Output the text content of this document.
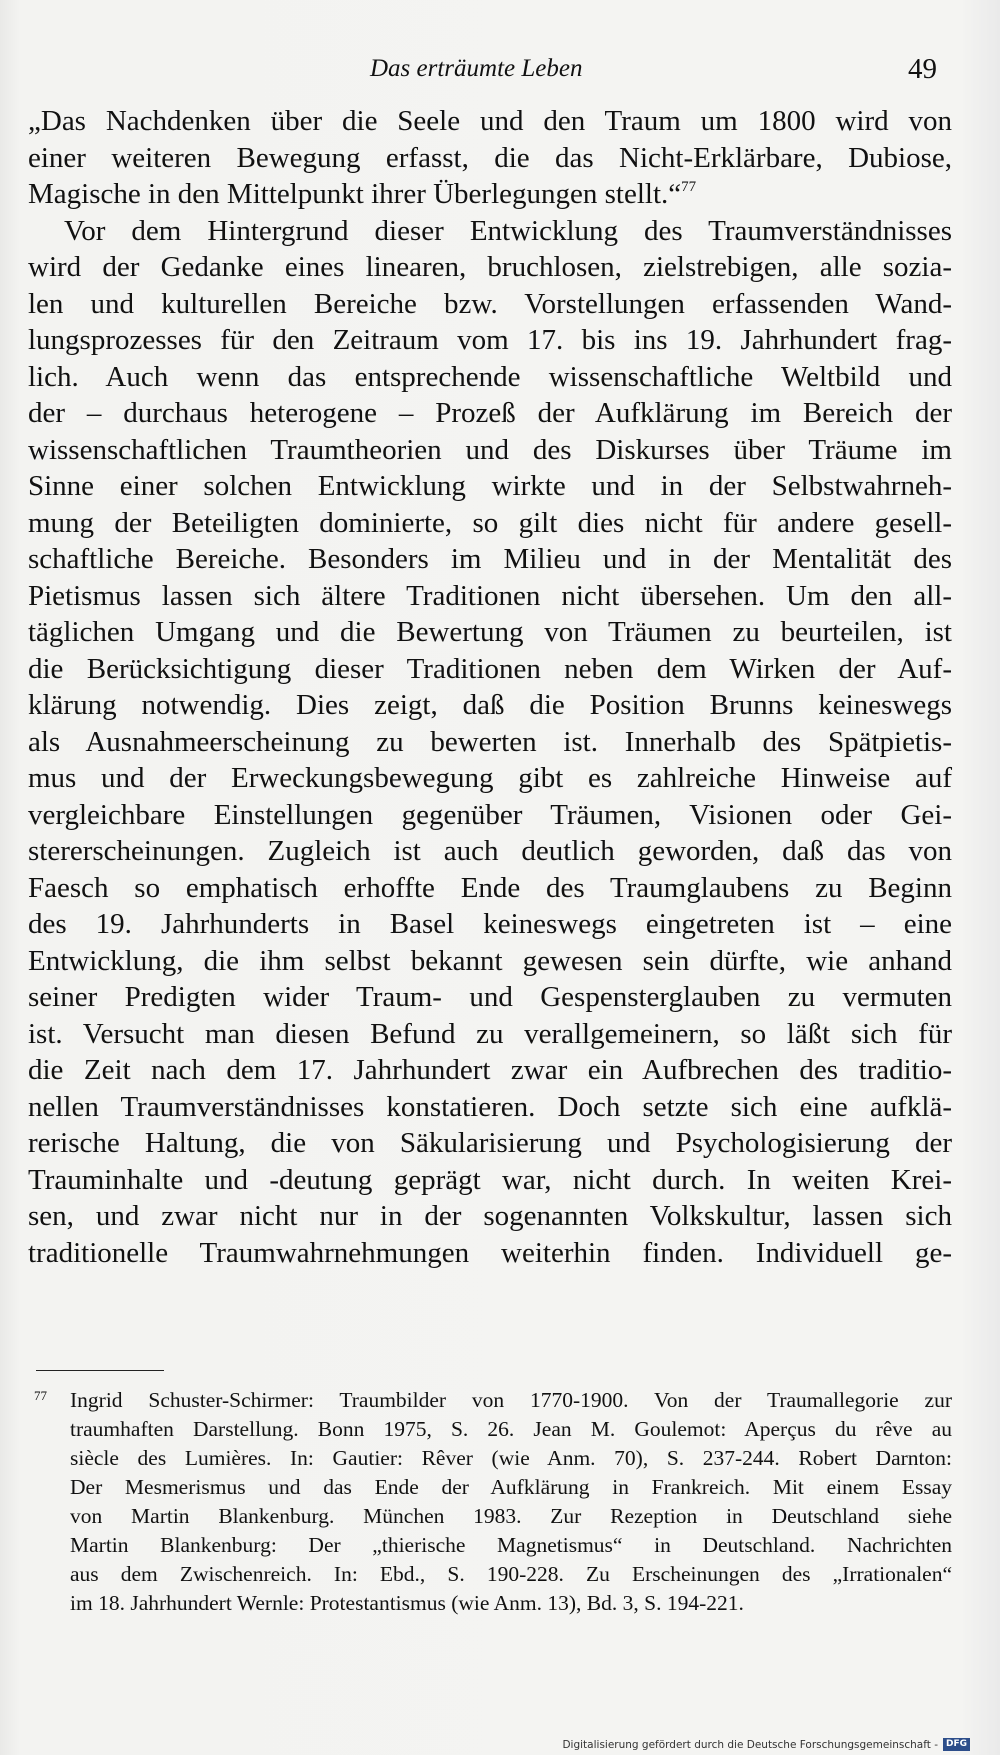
Das erträumte Leben	49
„Das Nachdenken über die Seele und den Traum um 1800 wird von
einer weiteren Bewegung erfasst, die das Nicht-Erklärbare, Dubiose,
Magische in den Mittelpunkt ihrer Überlegungen stellt.“$^{77}$
Vor dem Hintergrund dieser Entwicklung des Traumverständnisses
wird der Gedanke eines linearen, bruchlosen, zielstrebigen, alle sozia-
len und kulturellen Bereiche bzw. Vorstellungen erfassenden Wand-
lungsprozesses für den Zeitraum vom 17. bis ins 19. Jahrhundert frag-
lich. Auch wenn das entsprechende wissenschaftliche Weltbild und
der – durchaus heterogene – Prozeß der Aufklärung im Bereich der
wissenschaftlichen Traumtheorien und des Diskurses über Träume im
Sinne einer solchen Entwicklung wirkte und in der Selbstwahrneh-
mung der Beteiligten dominierte, so gilt dies nicht für andere gesell-
schaftliche Bereiche. Besonders im Milieu und in der Mentalität des
Pietismus lassen sich ältere Traditionen nicht übersehen. Um den all-
täglichen Umgang und die Bewertung von Träumen zu beurteilen, ist
die Berücksichtigung dieser Traditionen neben dem Wirken der Auf-
klärung notwendig. Dies zeigt, daß die Position Brunns keineswegs
als Ausnahmeerscheinung zu bewerten ist. Innerhalb des Spätpietis-
mus und der Erweckungsbewegung gibt es zahlreiche Hinweise auf
vergleichbare Einstellungen gegenüber Träumen, Visionen oder Gei-
stererscheinungen. Zugleich ist auch deutlich geworden, daß das von
Faesch so emphatisch erhoffte Ende des Traumglaubens zu Beginn
des 19. Jahrhunderts in Basel keineswegs eingetreten ist – eine
Entwicklung, die ihm selbst bekannt gewesen sein dürfte, wie anhand
seiner Predigten wider Traum- und Gespensterglauben zu vermuten
ist. Versucht man diesen Befund zu verallgemeinern, so läßt sich für
die Zeit nach dem 17. Jahrhundert zwar ein Aufbrechen des traditio-
nellen Traumverständnisses konstatieren. Doch setzte sich eine aufklä-
rerische Haltung, die von Säkularisierung und Psychologisierung der
Trauminhalte und -deutung geprägt war, nicht durch. In weiten Krei-
sen, und zwar nicht nur in der sogenannten Volkskultur, lassen sich
traditionelle Traumwahrnehmungen weiterhin finden. Individuell ge-
77	Ingrid Schuster-Schirmer: Traumbilder von 1770-1900. Von der Traumallegorie zur
traumhaften Darstellung. Bonn 1975, S. 26. Jean M. Goulemot: Aperçus du rêve au
siècle des Lumières. In: Gautier: Rêver (wie Anm. 70), S. 237-244. Robert Darnton:
Der Mesmerismus und das Ende der Aufklärung in Frankreich. Mit einem Essay
von Martin Blankenburg. München 1983. Zur Rezeption in Deutschland siehe
Martin Blankenburg: Der „thierische Magnetismus“ in Deutschland. Nachrichten
aus dem Zwischenreich. In: Ebd., S. 190-228. Zu Erscheinungen des „Irrationalen“
im 18. Jahrhundert Wernle: Protestantismus (wie Anm. 13), Bd. 3, S. 194-221.
Digitalisierung gefördert durch die Deutsche Forschungsgemeinschaft - DFG
